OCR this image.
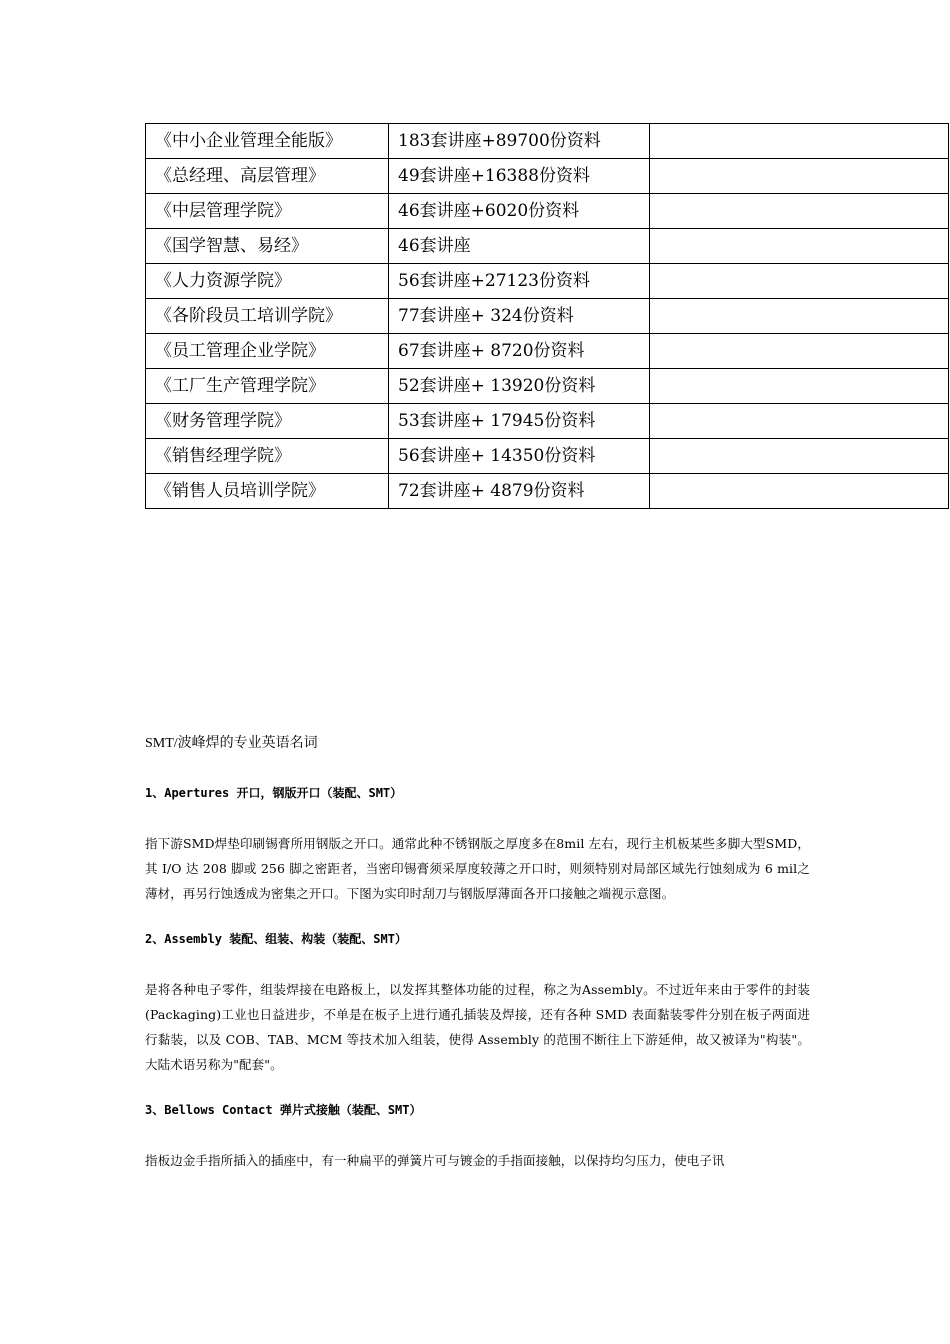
《中小企业管理全能版》	183套讲座+89700份资料	

《总经理、高层管理》	49套讲座+16388份资料	

《中层管理学院》	46套讲座+6020份资料	

《国学智慧、易经》	46套讲座	

《人力资源学院》	56套讲座+27123份资料	

《各阶段员工培训学院》	77套讲座+ 324份资料	

《员工管理企业学院》	67套讲座+ 8720份资料	

《工厂生产管理学院》	52套讲座+ 13920份资料	

《财务管理学院》	53套讲座+ 17945份资料	

《销售经理学院》	56套讲座+ 14350份资料	

《销售人员培训学院》	72套讲座+ 4879份资料	

SMT/波峰焊的专业英语名词

1、Apertures 开口，钢版开口（装配、SMT）

指下游SMD焊垫印刷锡膏所用钢版之开口。通常此种不锈钢版之厚度多在8mil 左右，现行主机板某些多脚大型SMD，其 I/O 达 208 脚或 256 脚之密距者，当密印锡膏须采厚度较薄之开口时，则须特别对局部区域先行蚀刻成为 6 mil之薄材，再另行蚀透成为密集之开口。下图为实印时刮刀与钢版厚薄面各开口接触之端视示意图。

2、Assembly 装配、组装、构装（装配、SMT）

是将各种电子零件，组装焊接在电路板上，以发挥其整体功能的过程，称之为Assembly。不过近年来由于零件的封装(Packaging)工业也日益进步，不单是在板子上进行通孔插装及焊接，还有各种 SMD 表面黏装零件分别在板子两面进行黏装，以及 COB、TAB、MCM 等技术加入组装，使得 Assembly 的范围不断往上下游延伸，故又被译为"构装"。大陆术语另称为"配套"。

3、Bellows Contact 弹片式接触（装配、SMT）

指板边金手指所插入的插座中，有一种扁平的弹簧片可与镀金的手指面接触，以保持均匀压力，使电子讯
